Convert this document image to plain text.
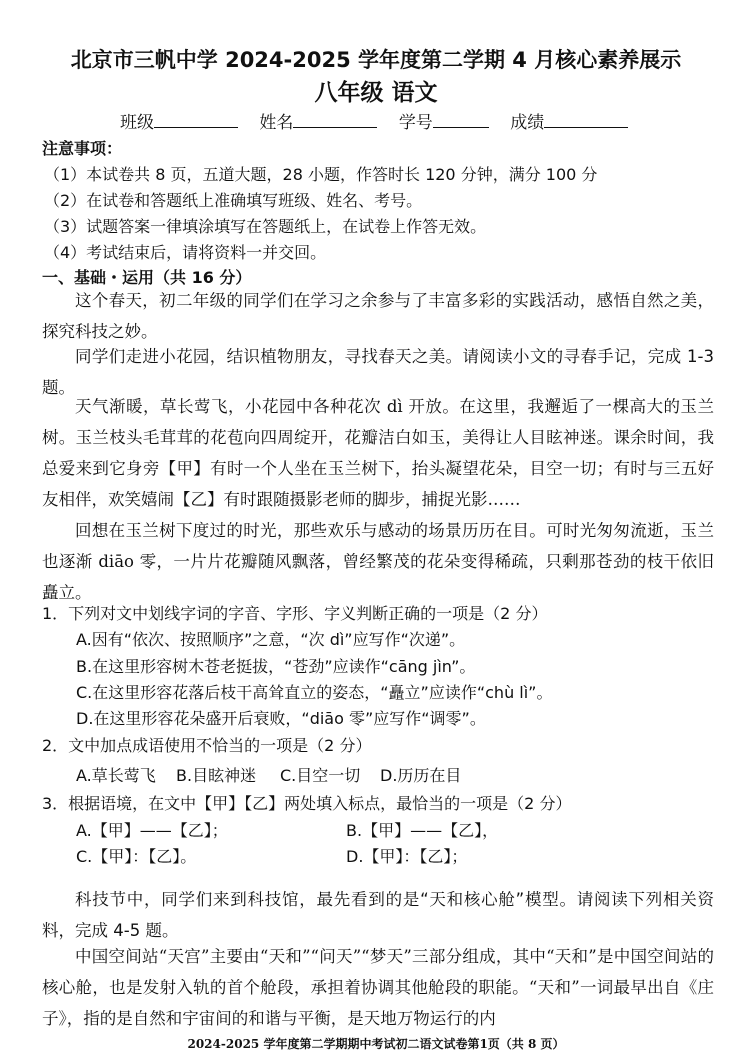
北京市三帆中学 2024-2025 学年度第二学期 4 月核心素养展示
八年级 语文
班级	姓名	学号	成绩
注意事项：
（1）本试卷共 8 页，五道大题，28 小题，作答时长 120 分钟，满分 100 分
（2）在试卷和答题纸上准确填写班级、姓名、考号。
（3）试题答案一律填涂填写在答题纸上，在试卷上作答无效。
（4）考试结束后，请将资料一并交回。
一、基础・运用（共 16 分）
这个春天，初二年级的同学们在学习之余参与了丰富多彩的实践活动，感悟自然之美，探究科技之妙。
同学们走进小花园，结识植物朋友，寻找春天之美。请阅读小文的寻春手记，完成 1-3 题。
天气渐暖，草长莺飞，小花园中各种花次 dì 开放。在这里，我邂逅了一棵高大的玉兰树。玉兰枝头毛茸茸的花苞向四周绽开，花瓣洁白如玉，美得让人目眩神迷。课余时间，我总爱来到它身旁【甲】有时一个人坐在玉兰树下，抬头凝望花朵，目空一切；有时与三五好友相伴，欢笑嬉闹【乙】有时跟随摄影老师的脚步，捕捉光影……
回想在玉兰树下度过的时光，那些欢乐与感动的场景历历在目。可时光匆匆流逝，玉兰也逐渐 diāo 零，一片片花瓣随风飘落，曾经繁茂的花朵变得稀疏，只剩那苍劲的枝干依旧矗立。
1．下列对文中划线字词的字音、字形、字义判断正确的一项是（2 分）
A.因有“依次、按照顺序”之意，“次 dì”应写作“次递”。
B.在这里形容树木苍老挺拔，“苍劲”应读作“cāng jìn”。
C.在这里形容花落后枝干高耸直立的姿态，“矗立”应读作“chù lì”。
D.在这里形容花朵盛开后衰败，“diāo 零”应写作“调零”。
2．文中加点成语使用不恰当的一项是（2 分）
A.草长莺飞 B.目眩神迷 C.目空一切 D.历历在目
3．根据语境，在文中【甲】【乙】两处填入标点，最恰当的一项是（2 分）
A.【甲】——【乙】；	B.【甲】——【乙】，
C.【甲】：【乙】。	D.【甲】：【乙】；
科技节中，同学们来到科技馆，最先看到的是“天和核心舱”模型。请阅读下列相关资料，完成 4-5 题。
中国空间站“天宫”主要由“天和”“问天”“梦天”三部分组成，其中“天和”是中国空间站的核心舱，也是发射入轨的首个舱段，承担着协调其他舱段的职能。“天和”一词最早出自《庄子》，指的是自然和宇宙间的和谐与平衡，是天地万物运行的内
2024-2025 学年度第二学期期中考试初二语文试卷第1页（共 8 页）
